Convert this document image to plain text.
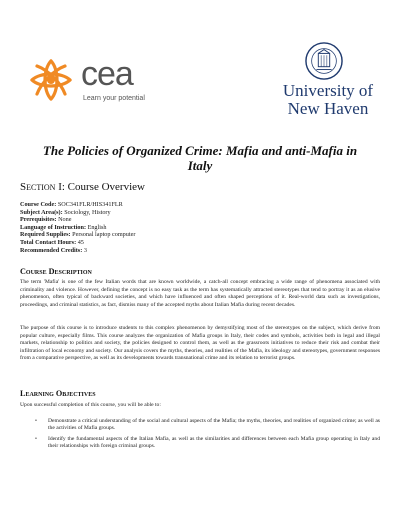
cea
Learn your potential	University of
New Haven
The Policies of Organized Crime: Mafia and anti-Mafia in Italy
Section I: Course Overview
Course Code: SOC341FLR/HIS341FLR
Subject Area(s): Sociology, History
Prerequisites: None
Language of Instruction: English
Required Supplies: Personal laptop computer
Total Contact Hours: 45
Recommended Credits: 3
Course Description
The term 'Mafia' is one of the few Italian words that are known worldwide, a catch-all concept embracing a wide range of phenomena associated with criminality and violence. However, defining the concept is no easy task as the term has systematically attracted stereotypes that tend to portray it as an elusive phenomenon, often typical of backward societies, and which have influenced and often shaped perceptions of it. Real-world data such as investigations, proceedings, and criminal statistics, as fact, dismiss many of the accepted myths about Italian Mafia during recent decades.
The purpose of this course is to introduce students to this complex phenomenon by demystifying most of the stereotypes on the subject, which derive from popular culture, especially films. This course analyzes the organization of Mafia groups in Italy, their codes and symbols, activities both in legal and illegal markets, relationship to politics and society, the policies designed to control them, as well as the grassroots initiatives to reduce their risk and combat their infiltration of local economy and society. Our analysis covers the myths, theories, and realities of the Mafia, its ideology and stereotypes, government responses from a comparative perspective, as well as its developments towards transnational crime and its relation to terrorist groups.
Learning Objectives
Upon successful completion of this course, you will be able to:
• Demonstrate a critical understanding of the social and cultural aspects of the Mafia; the myths, theories, and realities of organized crime; as well as the activities of Mafia groups.
• Identify the fundamental aspects of the Italian Mafia, as well as the similarities and differences between each Mafia group operating in Italy and their relationships with foreign criminal groups.
